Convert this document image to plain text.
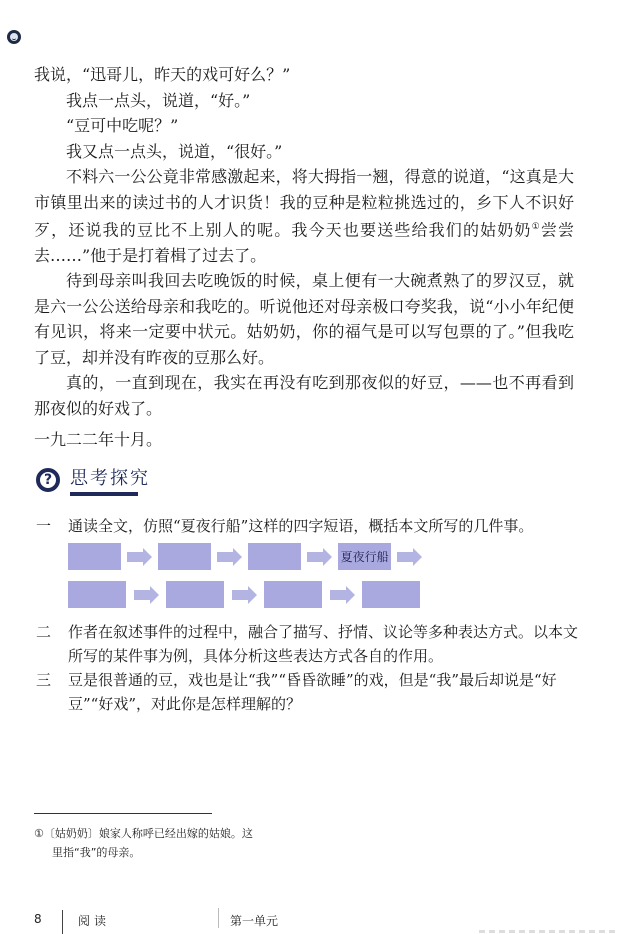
我说，“迅哥儿，昨天的戏可好么？”

我点一点头，说道，“好。”

“豆可中吃呢？”

我又点一点头，说道，“很好。”

不料六一公公竟非常感激起来，将大拇指一翘，得意的说道，“这真是大市镇里出来的读过书的人才识货！我的豆种是粒粒挑选过的，乡下人不识好歹，还说我的豆比不上别人的呢。我今天也要送些给我们的姑奶奶①尝尝去……”他于是打着楫了过去了。

待到母亲叫我回去吃晚饭的时候，桌上便有一大碗煮熟了的罗汉豆，就是六一公公送给母亲和我吃的。听说他还对母亲极口夸奖我，说“小小年纪便有见识，将来一定要中状元。姑奶奶，你的福气是可以写包票的了。”但我吃了豆，却并没有昨夜的豆那么好。

真的，一直到现在，我实在再没有吃到那夜似的好豆，——也不再看到那夜似的好戏了。

一九二二年十月。

? 思考探究
一	通读全文，仿照“夏夜行船”这样的四字短语，概括本文所写的几件事。
二	作者在叙述事件的过程中，融合了描写、抒情、议论等多种表达方式。以本文所写的某件事为例，具体分析这些表达方式各自的作用。
三	豆是很普通的豆，戏也是让“我”“昏昏欲睡”的戏，但是“我”最后却说是“好豆”“好戏”，对此你是怎样理解的？
夏夜行船
①〔姑奶奶〕娘家人称呼已经出嫁的姑娘。这
里指“我”的母亲。
8	阅读	第一单元
